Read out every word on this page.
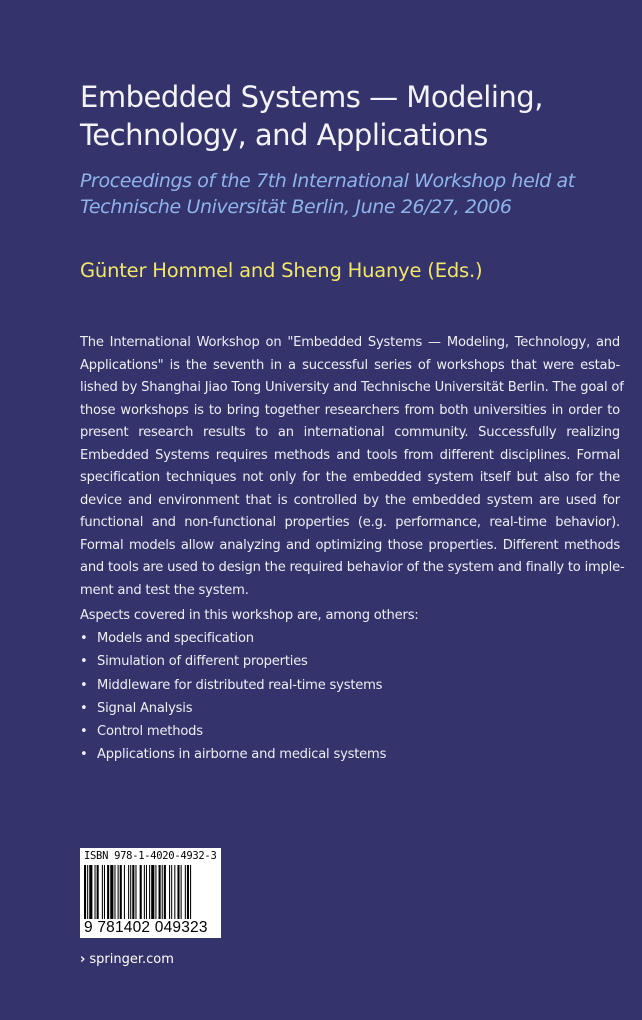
Embedded Systems — Modeling,
Technology, and Applications
Proceedings of the 7th International Workshop held at
Technische Universität Berlin, June 26/27, 2006
Günter Hommel and Sheng Huanye (Eds.)
The International Workshop on "Embedded Systems — Modeling, Technology, and
Applications" is the seventh in a successful series of workshops that were estab-
lished by Shanghai Jiao Tong University and Technische Universität Berlin. The goal of
those workshops is to bring together researchers from both universities in order to
present research results to an international community. Successfully realizing
Embedded Systems requires methods and tools from different disciplines. Formal
specification techniques not only for the embedded system itself but also for the
device and environment that is controlled by the embedded system are used for
functional and non-functional properties (e.g. performance, real-time behavior).
Formal models allow analyzing and optimizing those properties. Different methods
and tools are used to design the required behavior of the system and finally to imple-
ment and test the system.
Aspects covered in this workshop are, among others:
• Models and specification
• Simulation of different properties
• Middleware for distributed real-time systems
• Signal Analysis
• Control methods
• Applications in airborne and medical systems
ISBN 978-1-4020-4932-3
9 781402 049323
› springer.com
